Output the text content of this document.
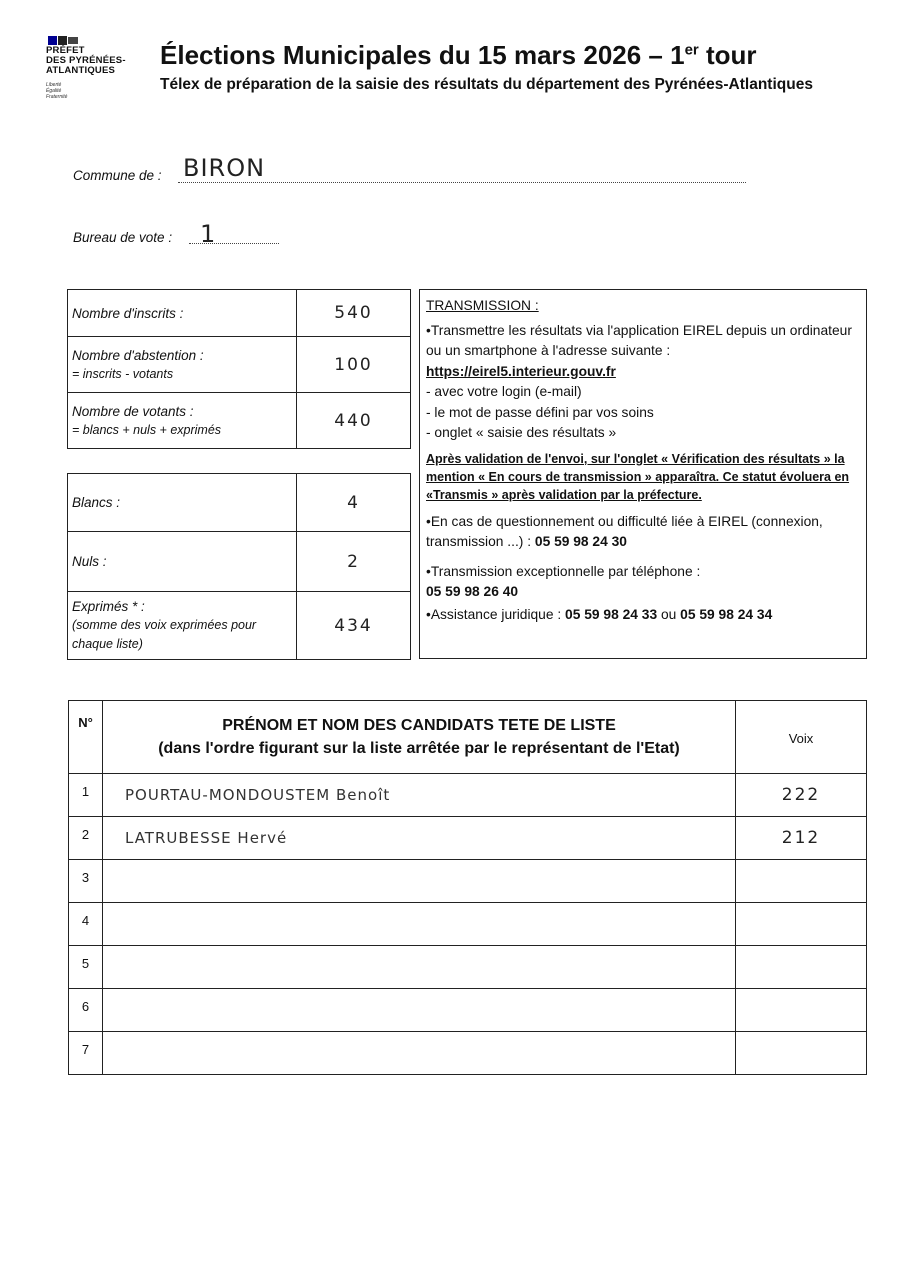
PRÉFET
DES PYRÉNÉES-
ATLANTIQUES
Liberté
Égalité
Fraternité
Élections Municipales du 15 mars 2026 – 1er tour
Télex de préparation de la saisie des résultats du département des Pyrénées-Atlantiques
Commune de : BIRON
Bureau de vote : 1
Nombre d'inscrits :	540

Nombre d'abstention :
= inscrits - votants	100

Nombre de votants :
= blancs + nuls + exprimés	440
Blancs :	4
Nuls :	2

Exprimés * :
(somme des voix exprimées pour chaque liste)	434

TRANSMISSION :

•Transmettre les résultats via l'application EIREL depuis un ordinateur ou un smartphone à l'adresse suivante :

https://eirel5.interieur.gouv.fr

- avec votre login (e-mail)

- le mot de passe défini par vos soins

- onglet « saisie des résultats »

Après validation de l'envoi, sur l'onglet « Vérification des résultats » la mention « En cours de transmission » apparaîtra. Ce statut évoluera en «Transmis » après validation par la préfecture.

•En cas de questionnement ou difficulté liée à EIREL (connexion, transmission ...) : 05 59 98 24 30

•Transmission exceptionnelle par téléphone :

05 59 98 26 40

•Assistance juridique : 05 59 98 24 33 ou 05 59 98 24 34

N°	PRÉNOM ET NOM DES CANDIDATS TETE DE LISTE
(dans l'ordre figurant sur la liste arrêtée par le représentant de l'Etat)	Voix
1	POURTAU-MONDOUSTEM Benoît	222
2	LATRUBESSE Hervé	212
3		
4		
5		
6		
7		
